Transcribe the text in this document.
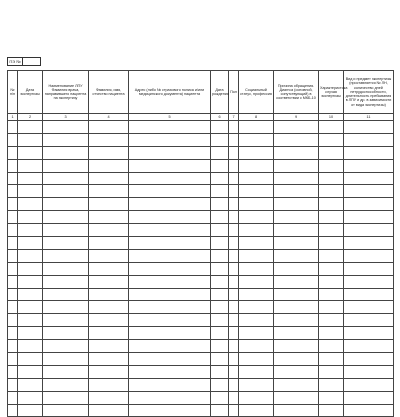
ПЭ №
№ п/п	Дата экспертизы	Наименование ЛПУ Фамилия врача, направившего пациента на экспертизу	Фамилия, имя, отчество пациента	Адрес (либо № страхового полиса и/или медицинского документа) пациента	Дата рождения	Пол	Социальный статус, профессия	Причина обращения. Диагноз (основной, сопутствующий) в соответствии с МКБ-10	Характеристика случая экспертизы	Вид и предмет экспертизы (проставляется № ЛН, количество дней нетрудоспособности, длительность пребывания в ЛПУ и др. в зависимости от вида экспертизы)
1	2	3	4	5	6	7	8	9	10	11
